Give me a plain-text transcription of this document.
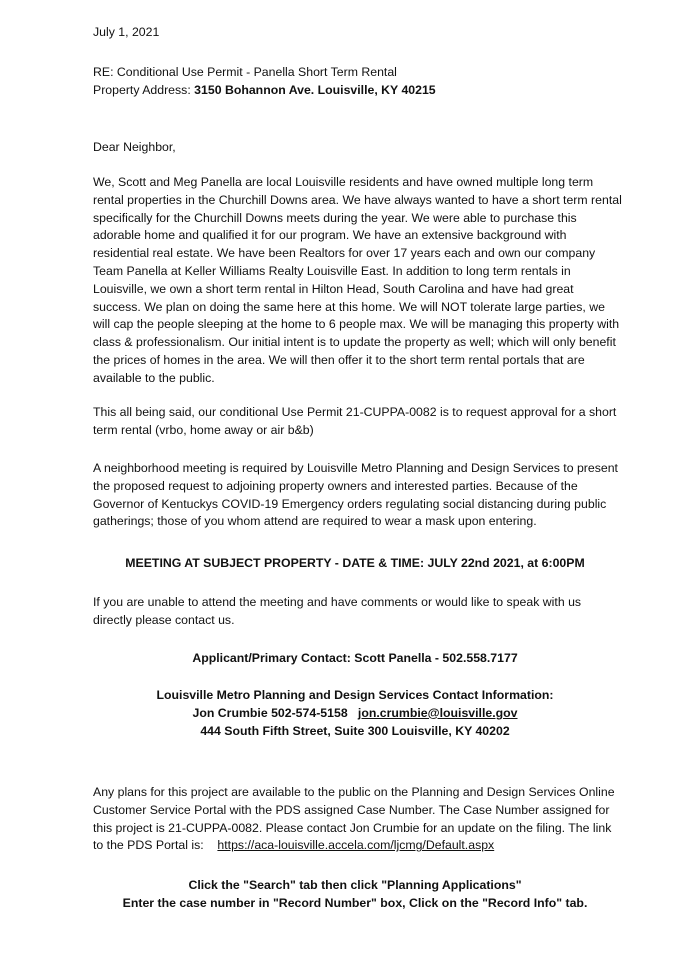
July 1, 2021

RE: Conditional Use Permit - Panella Short Term Rental

Property Address: 3150 Bohannon Ave. Louisville, KY 40215

Dear Neighbor,

We, Scott and Meg Panella are local Louisville residents and have owned multiple long term rental properties in the Churchill Downs area. We have always wanted to have a short term rental specifically for the Churchill Downs meets during the year. We were able to purchase this adorable home and qualified it for our program. We have an extensive background with residential real estate. We have been Realtors for over 17 years each and own our company Team Panella at Keller Williams Realty Louisville East. In addition to long term rentals in Louisville, we own a short term rental in Hilton Head, South Carolina and have had great success. We plan on doing the same here at this home. We will NOT tolerate large parties, we will cap the people sleeping at the home to 6 people max. We will be managing this property with class & professionalism. Our initial intent is to update the property as well; which will only benefit the prices of homes in the area. We will then offer it to the short term rental portals that are available to the public.

This all being said, our conditional Use Permit 21-CUPPA-0082 is to request approval for a short term rental (vrbo, home away or air b&b)

A neighborhood meeting is required by Louisville Metro Planning and Design Services to present the proposed request to adjoining property owners and interested parties. Because of the Governor of Kentuckys COVID-19 Emergency orders regulating social distancing during public gatherings; those of you whom attend are required to wear a mask upon entering.

MEETING AT SUBJECT PROPERTY - DATE & TIME: JULY 22nd 2021, at 6:00PM

If you are unable to attend the meeting and have comments or would like to speak with us directly please contact us.

Applicant/Primary Contact: Scott Panella - 502.558.7177

Louisville Metro Planning and Design Services Contact Information:
Jon Crumbie 502-574-5158 jon.crumbie@louisville.gov
444 South Fifth Street, Suite 300 Louisville, KY 40202

Any plans for this project are available to the public on the Planning and Design Services Online Customer Service Portal with the PDS assigned Case Number. The Case Number assigned for this project is 21-CUPPA-0082. Please contact Jon Crumbie for an update on the filing. The link to the PDS Portal is: https://aca-louisville.accela.com/ljcmg/Default.aspx

Click the "Search" tab then click "Planning Applications"
Enter the case number in "Record Number" box, Click on the "Record Info" tab.
